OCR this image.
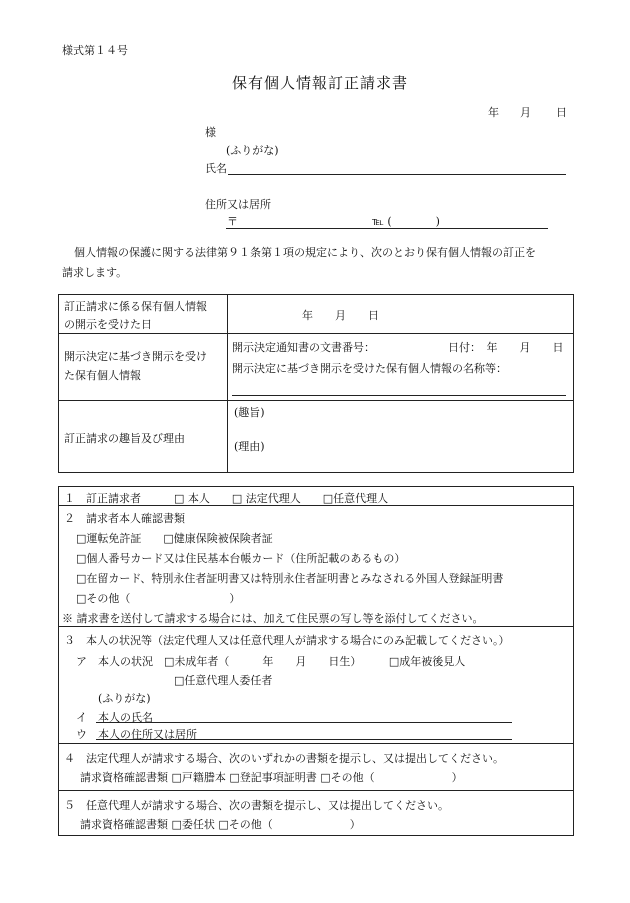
様式第１４号
保有個人情報訂正請求書
年 月 日
様
(ふりがな)
氏名
住所又は居所
〒	℡ (　　　　)
個人情報の保護に関する法律第９１条第１項の規定により、次のとおり保有個人情報の訂正を
請求します。
訂正請求に係る保有個人情報
の開示を受けた日
年　　月　　日
開示決定に基づき開示を受け
た保有個人情報
開示決定通知書の文書番号：	日付：　年　　月　　日
開示決定に基づき開示を受けた保有個人情報の名称等：
訂正請求の趣旨及び理由
(趣旨)
(理由)
１　訂正請求者　　　□ 本人　　□ 法定代理人　　□任意代理人
２　請求者本人確認書類
□運転免許証　　□健康保険被保険者証
□個人番号カード又は住民基本台帳カード（住所記載のあるもの）
□在留カード、特別永住者証明書又は特別永住者証明書とみなされる外国人登録証明書
□その他（　　　　　　　　　）
※ 請求書を送付して請求する場合には、加えて住民票の写し等を添付してください。
３　本人の状況等（法定代理人又は任意代理人が請求する場合にのみ記載してください。）
ア　本人の状況　□未成年者（　　　年　　月　　日生）　　　□成年被後見人
□任意代理人委任者
(ふりがな)
イ　本人の氏名
ウ　本人の住所又は居所
４　法定代理人が請求する場合、次のいずれかの書類を提示し、又は提出してください。
請求資格確認書類 □戸籍謄本 □登記事項証明書 □その他（　　　　　　　）
５　任意代理人が請求する場合、次の書類を提示し、又は提出してください。
請求資格確認書類 □委任状 □その他（　　　　　　　）
